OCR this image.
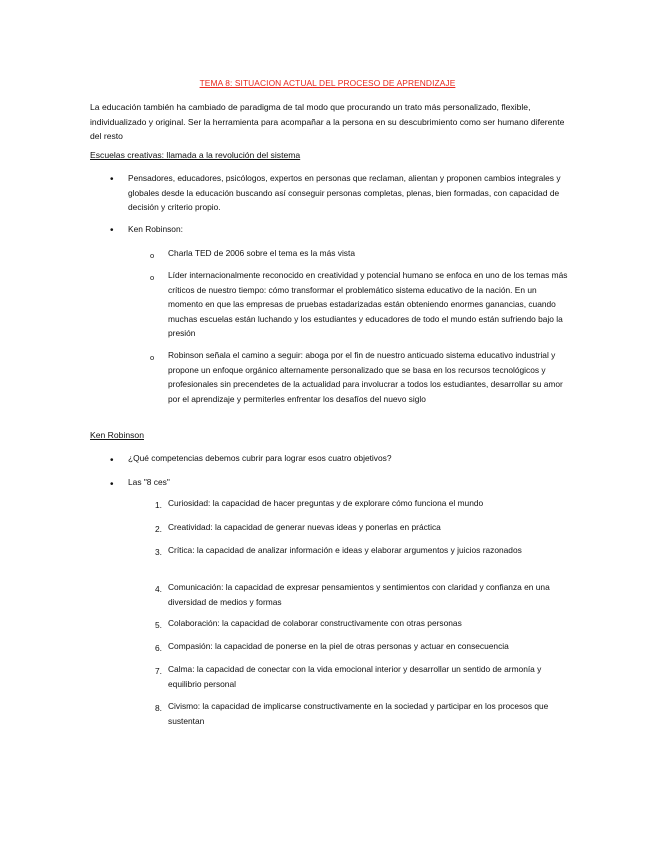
TEMA 8: SITUACION ACTUAL DEL PROCESO DE APRENDIZAJE
La educación también ha cambiado de paradigma de tal modo que procurando un trato más personalizado, flexible, individualizado y original. Ser la herramienta para acompañar a la persona en su descubrimiento como ser humano diferente del resto
Escuelas creativas: llamada a la revolución del sistema
• Pensadores, educadores, psicólogos, expertos en personas que reclaman, alientan y proponen cambios integrales y globales desde la educación buscando así conseguir personas completas, plenas, bien formadas, con capacidad de decisión y criterio propio.
• Ken Robinson:
o Charla TED de 2006 sobre el tema es la más vista
o Líder internacionalmente reconocido en creatividad y potencial humano se enfoca en uno de los temas más críticos de nuestro tiempo: cómo transformar el problemático sistema educativo de la nación. En un momento en que las empresas de pruebas estadarizadas están obteniendo enormes ganancias, cuando muchas escuelas están luchando y los estudiantes y educadores de todo el mundo están sufriendo bajo la presión
o Robinson señala el camino a seguir: aboga por el fin de nuestro anticuado sistema educativo industrial y propone un enfoque orgánico alternamente personalizado que se basa en los recursos tecnológicos y profesionales sin precendetes de la actualidad para involucrar a todos los estudiantes, desarrollar su amor por el aprendizaje y permiterles enfrentar los desafíos del nuevo siglo
Ken Robinson
• ¿Qué competencias debemos cubrir para lograr esos cuatro objetivos?
• Las "8 ces"
1. Curiosidad: la capacidad de hacer preguntas y de explorare cómo funciona el mundo
2. Creatividad: la capacidad de generar nuevas ideas y ponerlas en práctica
3. Crítica: la capacidad de analizar información e ideas y elaborar argumentos y juicios razonados
4. Comunicación: la capacidad de expresar pensamientos y sentimientos con claridad y confianza en una diversidad de medios y formas
5. Colaboración: la capacidad de colaborar constructivamente con otras personas
6. Compasión: la capacidad de ponerse en la piel de otras personas y actuar en consecuencia
7. Calma: la capacidad de conectar con la vida emocional interior y desarrollar un sentido de armonía y equilibrio personal
8. Civismo: la capacidad de implicarse constructivamente en la sociedad y participar en los procesos que sustentan
